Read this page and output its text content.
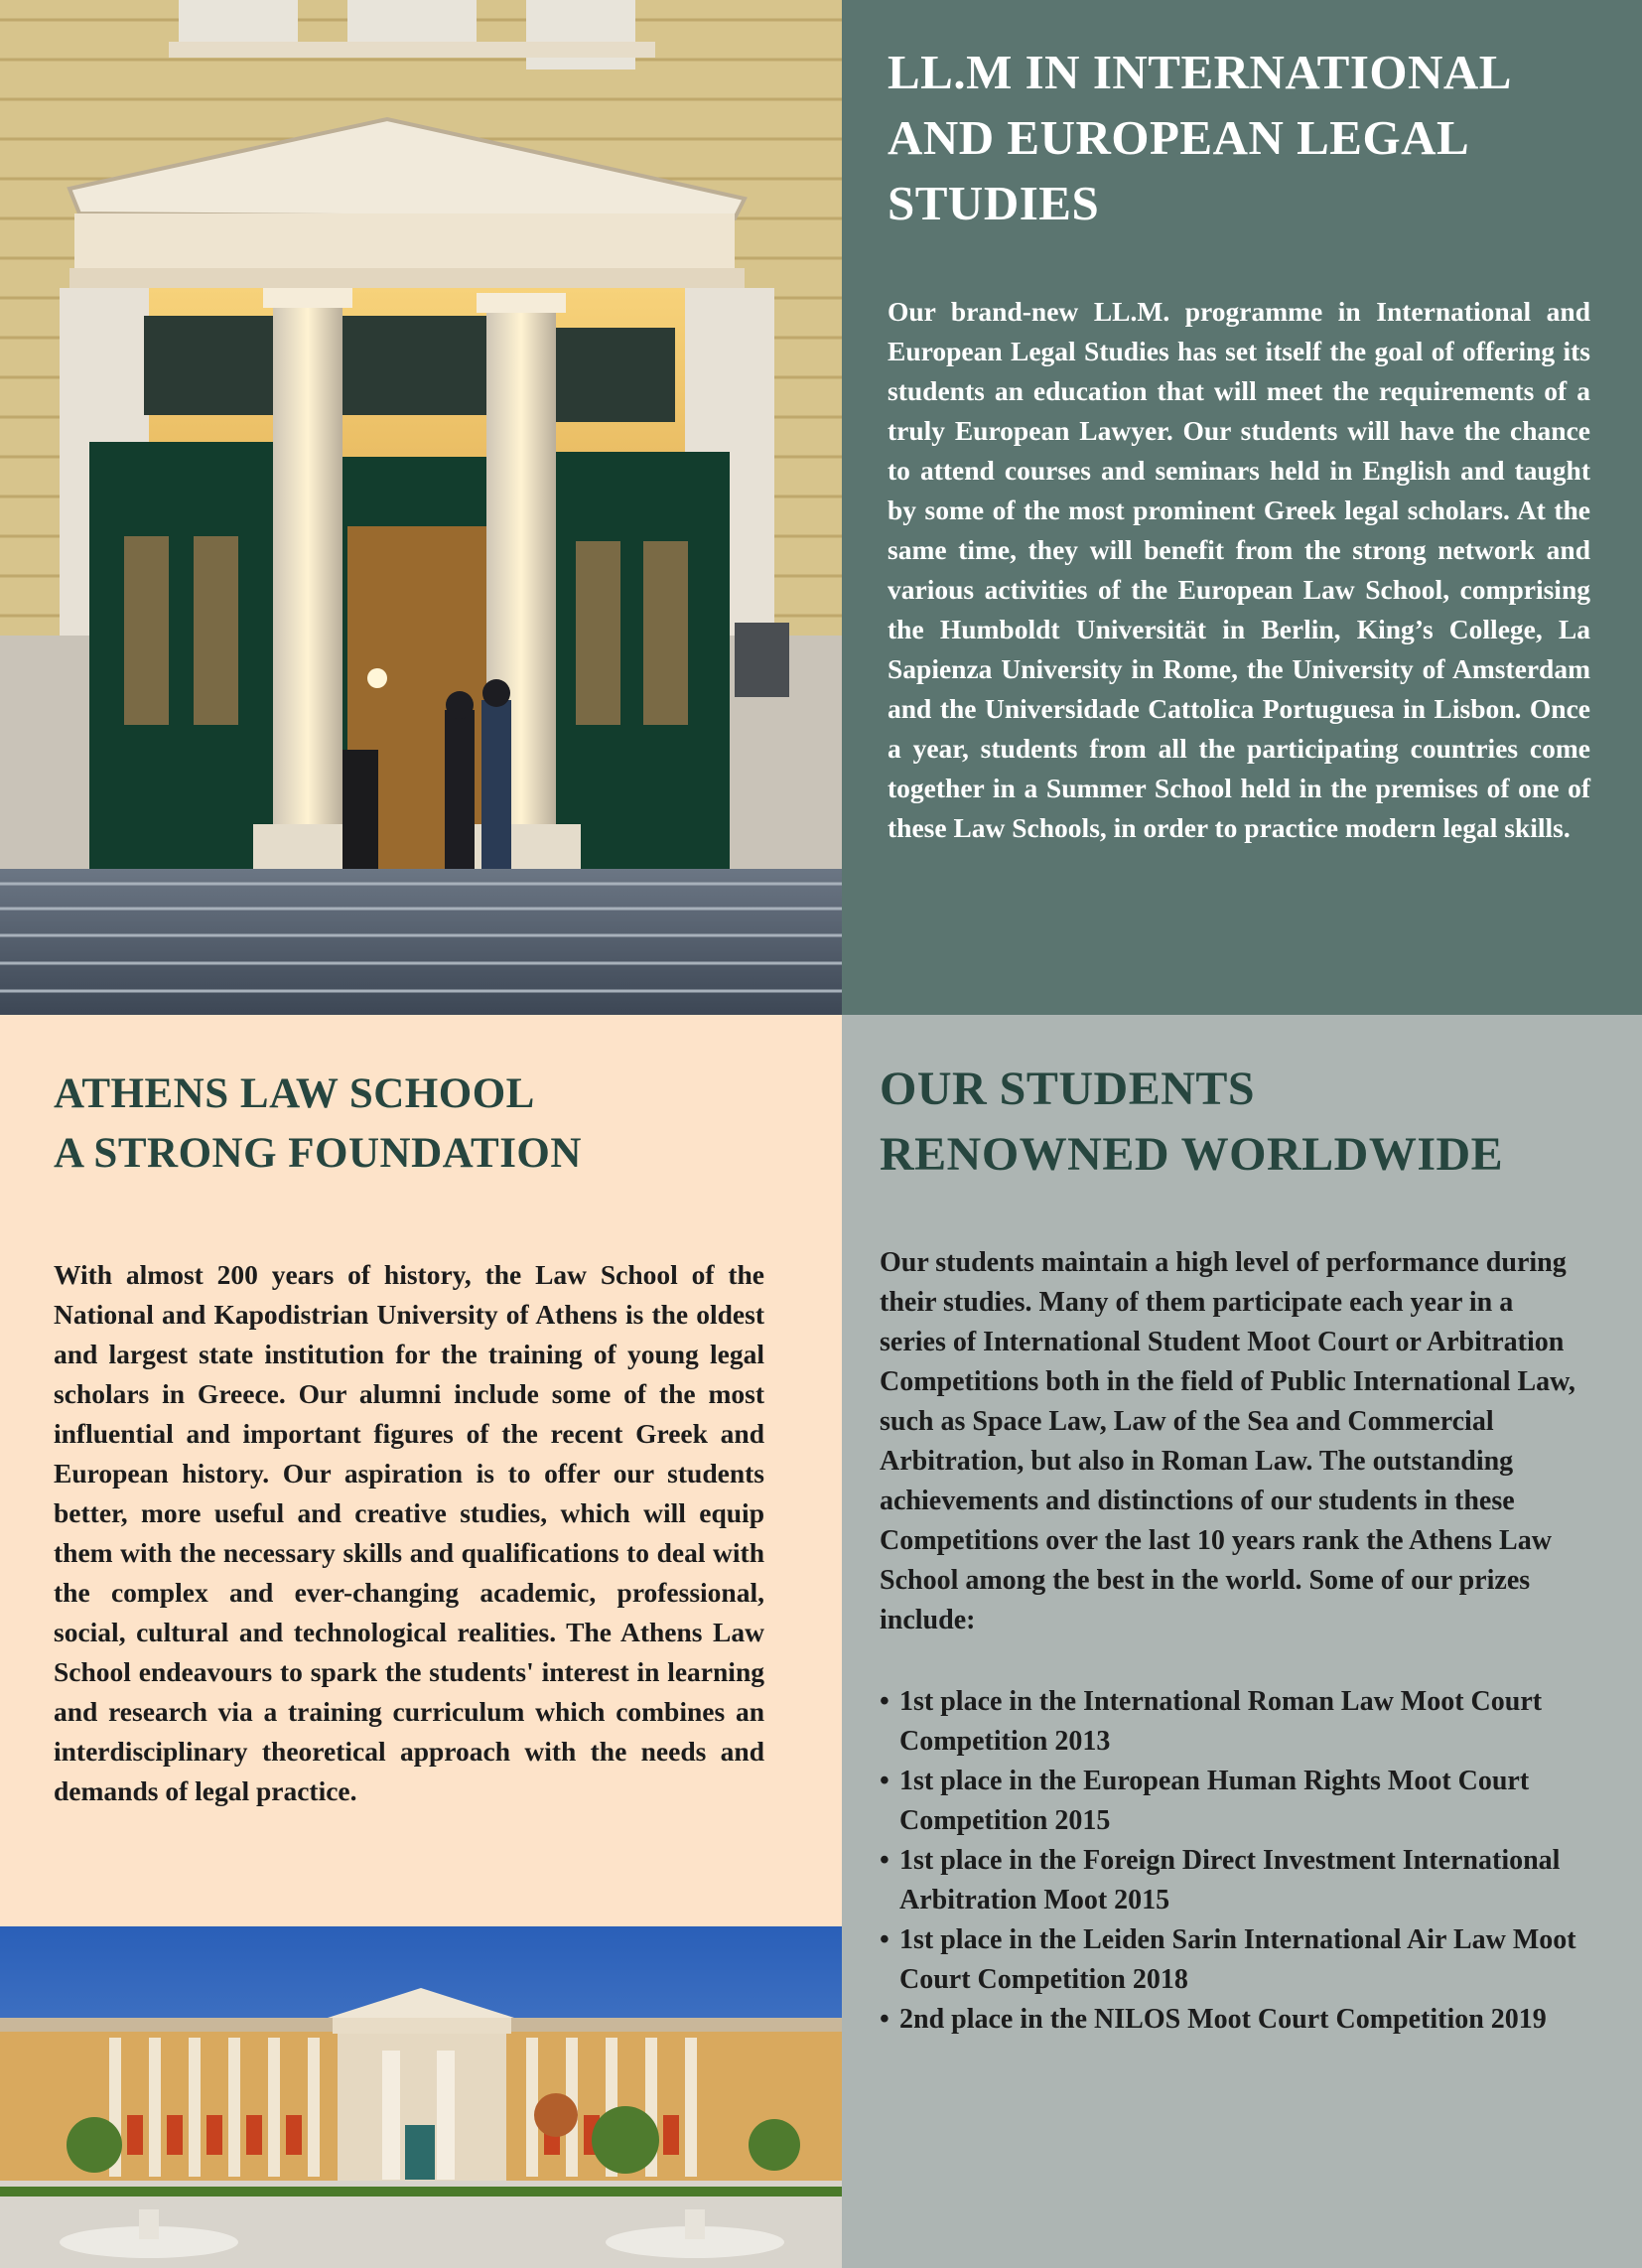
LL.M IN INTERNATIONAL
AND EUROPEAN LEGAL
STUDIES

Our brand-new LL.M. programme in International and European Legal Studies has set itself the goal of offering its students an education that will meet the requirements of a truly European Lawyer. Our students will have the chance to attend courses and seminars held in English and taught by some of the most prominent Greek legal scholars. At the same time, they will benefit from the strong network and various activities of the European Law School, comprising the Humboldt Universität in Berlin, King’s College, La Sapienza University in Rome, the University of Amsterdam and the Universidade Cattolica Portuguesa in Lisbon. Once a year, students from all the participating countries come together in a Summer School held in the premises of one of these Law Schools, in order to practice modern legal skills.

ATHENS LAW SCHOOL
A STRONG FOUNDATION

With almost 200 years of history, the Law School of the National and Kapodistrian University of Athens is the oldest and largest state institution for the training of young legal scholars in Greece. Our alumni include some of the most influential and important figures of the recent Greek and European history. Our aspiration is to offer our students better, more useful and creative studies, which will equip them with the necessary skills and qualifications to deal with the complex and ever-changing academic, professional, social, cultural and technological realities. The Athens Law School endeavours to spark the students' interest in learning and research via a training curriculum which combines an interdisciplinary theoretical approach with the needs and demands of legal practice.

OUR STUDENTS
RENOWNED WORLDWIDE

Our students maintain a high level of performance during their studies. Many of them participate each year in a series of International Student Moot Court or Arbitration Competitions both in the field of Public International Law, such as Space Law, Law of the Sea and Commercial Arbitration, but also in Roman Law. The outstanding achievements and distinctions of our students in these Competitions over the last 10 years rank the Athens Law School among the best in the world. Some of our prizes include:

• 1st place in the International Roman Law Moot Court Competition 2013
• 1st place in the European Human Rights Moot Court Competition 2015
• 1st place in the Foreign Direct Investment International Arbitration Moot 2015
• 1st place in the Leiden Sarin International Air Law Moot Court Competition 2018
• 2nd place in the NILOS Moot Court Competition 2019
